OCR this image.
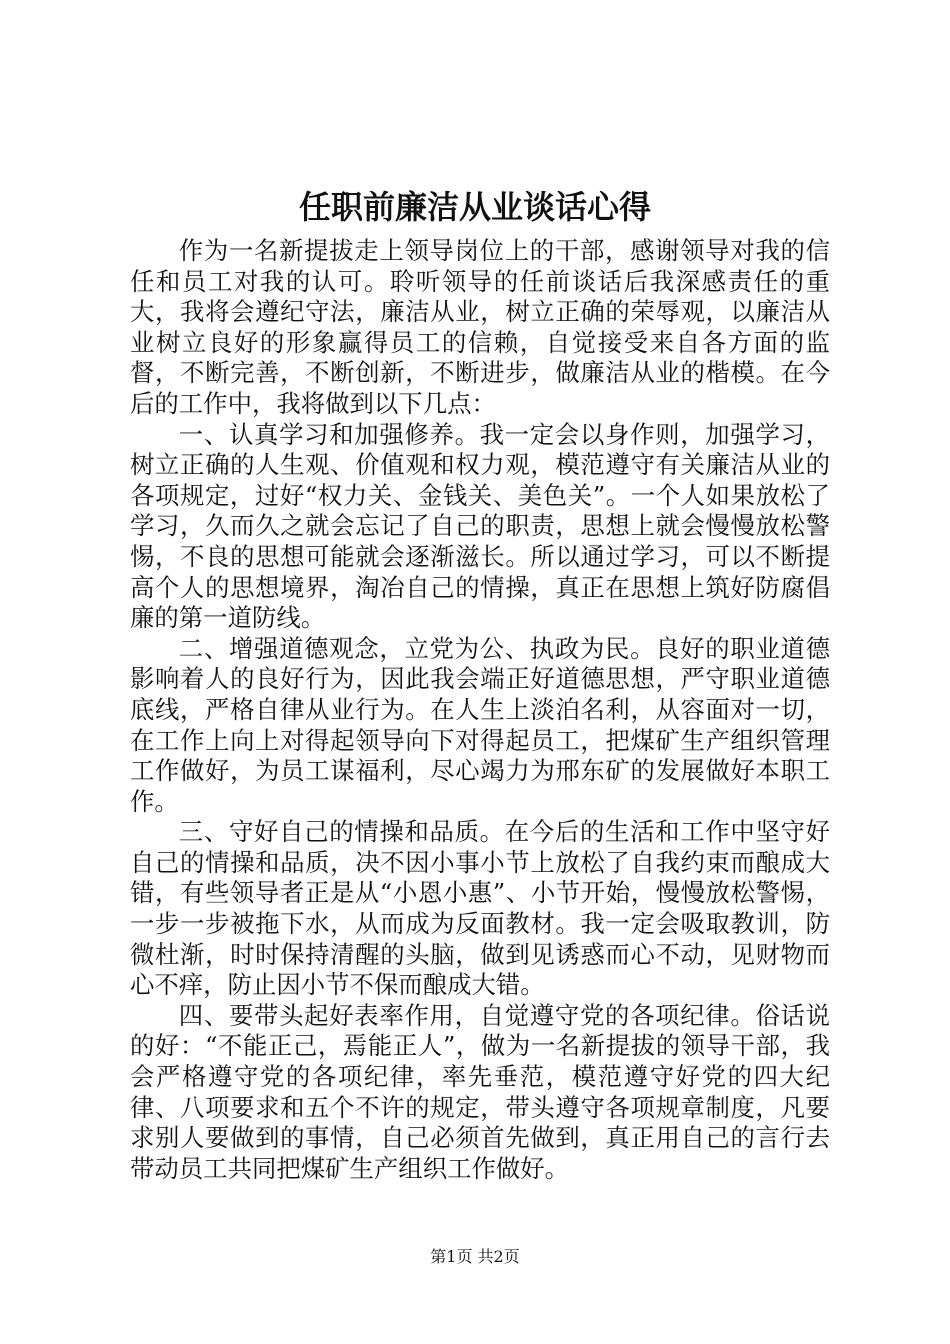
任职前廉洁从业谈话心得

作为一名新提拔走上领导岗位上的干部，感谢领导对我的信任和员工对我的认可。聆听领导的任前谈话后我深感责任的重大，我将会遵纪守法，廉洁从业，树立正确的荣辱观，以廉洁从业树立良好的形象赢得员工的信赖，自觉接受来自各方面的监督，不断完善，不断创新，不断进步，做廉洁从业的楷模。在今后的工作中，我将做到以下几点：

一、认真学习和加强修养。我一定会以身作则，加强学习，树立正确的人生观、价值观和权力观，模范遵守有关廉洁从业的各项规定，过好“权力关、金钱关、美色关”。一个人如果放松了学习，久而久之就会忘记了自己的职责，思想上就会慢慢放松警惕，不良的思想可能就会逐渐滋长。所以通过学习，可以不断提高个人的思想境界，淘冶自己的情操，真正在思想上筑好防腐倡廉的第一道防线。

二、增强道德观念，立党为公、执政为民。良好的职业道德影响着人的良好行为，因此我会端正好道德思想，严守职业道德底线，严格自律从业行为。在人生上淡泊名利，从容面对一切，在工作上向上对得起领导向下对得起员工，把煤矿生产组织管理工作做好，为员工谋福利，尽心竭力为邢东矿的发展做好本职工作。

三、守好自己的情操和品质。在今后的生活和工作中坚守好自己的情操和品质，决不因小事小节上放松了自我约束而酿成大错，有些领导者正是从“小恩小惠”、小节开始，慢慢放松警惕，一步一步被拖下水，从而成为反面教材。我一定会吸取教训，防微杜渐，时时保持清醒的头脑，做到见诱惑而心不动，见财物而心不痒，防止因小节不保而酿成大错。

四、要带头起好表率作用，自觉遵守党的各项纪律。俗话说的好：“不能正己，焉能正人”，做为一名新提拔的领导干部，我会严格遵守党的各项纪律，率先垂范，模范遵守好党的四大纪律、八项要求和五个不许的规定，带头遵守各项规章制度，凡要求别人要做到的事情，自己必须首先做到，真正用自己的言行去带动员工共同把煤矿生产组织工作做好。

第1页 共2页
